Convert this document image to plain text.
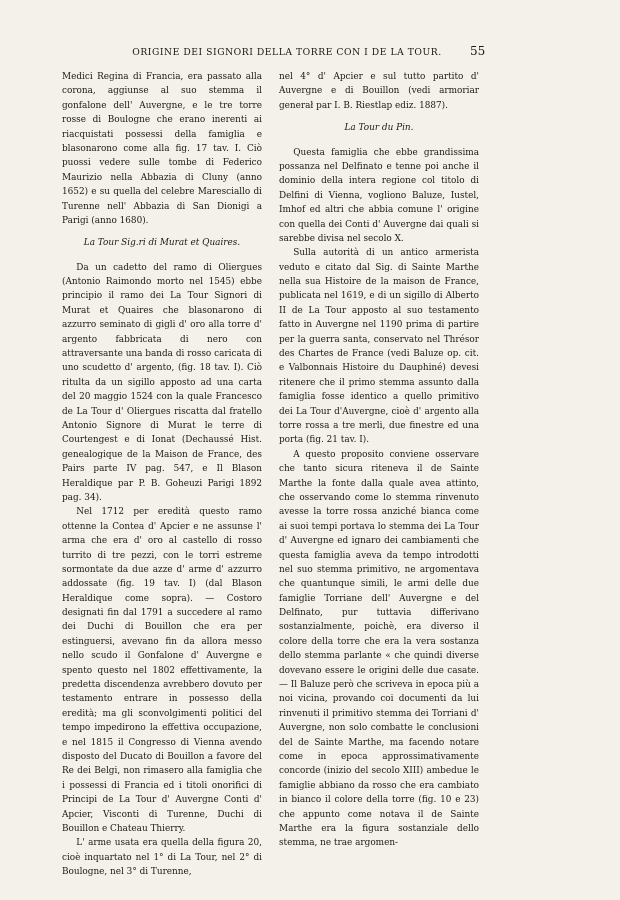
ORIGINE DEI SIGNORI DELLA TORRE CON I DE LA TOUR.	55

Medici Regina di Francia, era passato alla corona, aggiunse al suo stemma il gonfalone dell' Auvergne, e le tre torre rosse di Boulogne che erano inerenti ai riacquistati possessi della famiglia e blasonarono come alla fig. 17 tav. I. Ciò puossi vedere sulle tombe di Federico Maurizio nella Abbazia di Cluny (anno 1652) e su quella del celebre Maresciallo di Turenne nell' Abbazia di San Dionigi a Parigi (anno 1680).

La Tour Sig.ri di Murat et Quaires.

Da un cadetto del ramo di Oliergues (Antonio Raimondo morto nel 1545) ebbe principio il ramo dei La Tour Signori di Murat et Quaires che blasonarono di azzurro seminato di gigli d' oro alla torre d' argento fabbricata di nero con attraversante una banda di rosso caricata di uno scudetto d' argento, (fig. 18 tav. I). Ciò ritulta da un sigillo apposto ad una carta del 20 maggio 1524 con la quale Francesco de La Tour d' Oliergues riscatta dal fratello Antonio Signore di Murat le terre di Courtengest e di Ionat (Dechaussé Hist. genealogique de la Maison de France, des Pairs parte IV pag. 547, e Il Blason Heraldique par P. B. Goheuzi Parigi 1892 pag. 34).

Nel 1712 per eredità questo ramo ottenne la Contea d' Apcier e ne assunse l' arma che era d' oro al castello di rosso turrito di tre pezzi, con le torri estreme sormontate da due azze d' arme d' azzurro addossate (fig. 19 tav. I) (dal Blason Heraldique come sopra). — Costoro designati fin dal 1791 a succedere al ramo dei Duchi di Bouillon che era per estinguersi, avevano fin da allora messo nello scudo il Gonfalone d' Auvergne e spento questo nel 1802 effettivamente, la predetta discendenza avrebbero dovuto per testamento entrare in possesso della eredità; ma gli sconvolgimenti politici del tempo impedirono la effettiva occupazione, e nel 1815 il Congresso di Vienna avendo disposto del Ducato di Bouillon a favore del Re dei Belgi, non rimasero alla famiglia che i possessi di Francia ed i titoli onorifici di Principi de La Tour d' Auvergne Conti d' Apcier, Visconti di Turenne, Duchi di Bouillon e Chateau Thierry.

L' arme usata era quella della figura 20, cioè inquartato nel 1° di La Tour, nel 2° di Boulogne, nel 3° di Turenne,

nel 4° d' Apcier e sul tutto partito d' Auvergne e di Bouillon (vedi armoriar generał par I. B. Riestlap ediz. 1887).

La Tour du Pin.

Questa famiglia che ebbe grandissima possanza nel Delfinato e tenne poi anche il dominio della intera regione col titolo di Delfini di Vienna, vogliono Baluze, Iustel, Imhof ed altri che abbia comune l' origine con quella dei Conti d' Auvergne dai quali si sarebbe divisa nel secolo X.

Sulla autorità di un antico armerista veduto e citato dal Sig. di Sainte Marthe nella sua Histoire de la maison de France, publicata nel 1619, e di un sigillo di Alberto II de La Tour apposto al suo testamento fatto in Auvergne nel 1190 prima di partire per la guerra santa, conservato nel Thrésor des Chartes de France (vedi Baluze op. cit. e Valbonnais Histoire du Dauphiné) devesi ritenere che il primo stemma assunto dalla famiglia fosse identico a quello primitivo dei La Tour d'Auvergne, cioè d' argento alla torre rossa a tre merli, due finestre ed una porta (fig. 21 tav. I).

A questo proposito conviene osservare che tanto sicura riteneva il de Sainte Marthe la fonte dalla quale avea attinto, che osservando come lo stemma rinvenuto avesse la torre rossa anziché bianca come ai suoi tempi portava lo stemma dei La Tour d' Auvergne ed ignaro dei cambiamenti che questa famiglia aveva da tempo introdotti nel suo stemma primitivo, ne argomentava che quantunque simili, le armi delle due famiglie Torriane dell' Auvergne e del Delfinato, pur tuttavia differivano sostanzialmente, poichè, era diverso il colore della torre che era la vera sostanza dello stemma parlante « che quindi diverse dovevano essere le origini delle due casate. — Il Baluze però che scriveva in epoca più a noi vicina, provando coi documenti da lui rinvenuti il primitivo stemma dei Torriani d' Auvergne, non solo combatte le conclusioni del de Sainte Marthe, ma facendo notare come in epoca approssimativamente concorde (inizio del secolo XIII) ambedue le famiglie abbiano da rosso che era cambiato in bianco il colore della torre (fig. 10 e 23) che appunto come notava il de Sainte Marthe era la figura sostanziale dello stemma, ne trae argomen-
